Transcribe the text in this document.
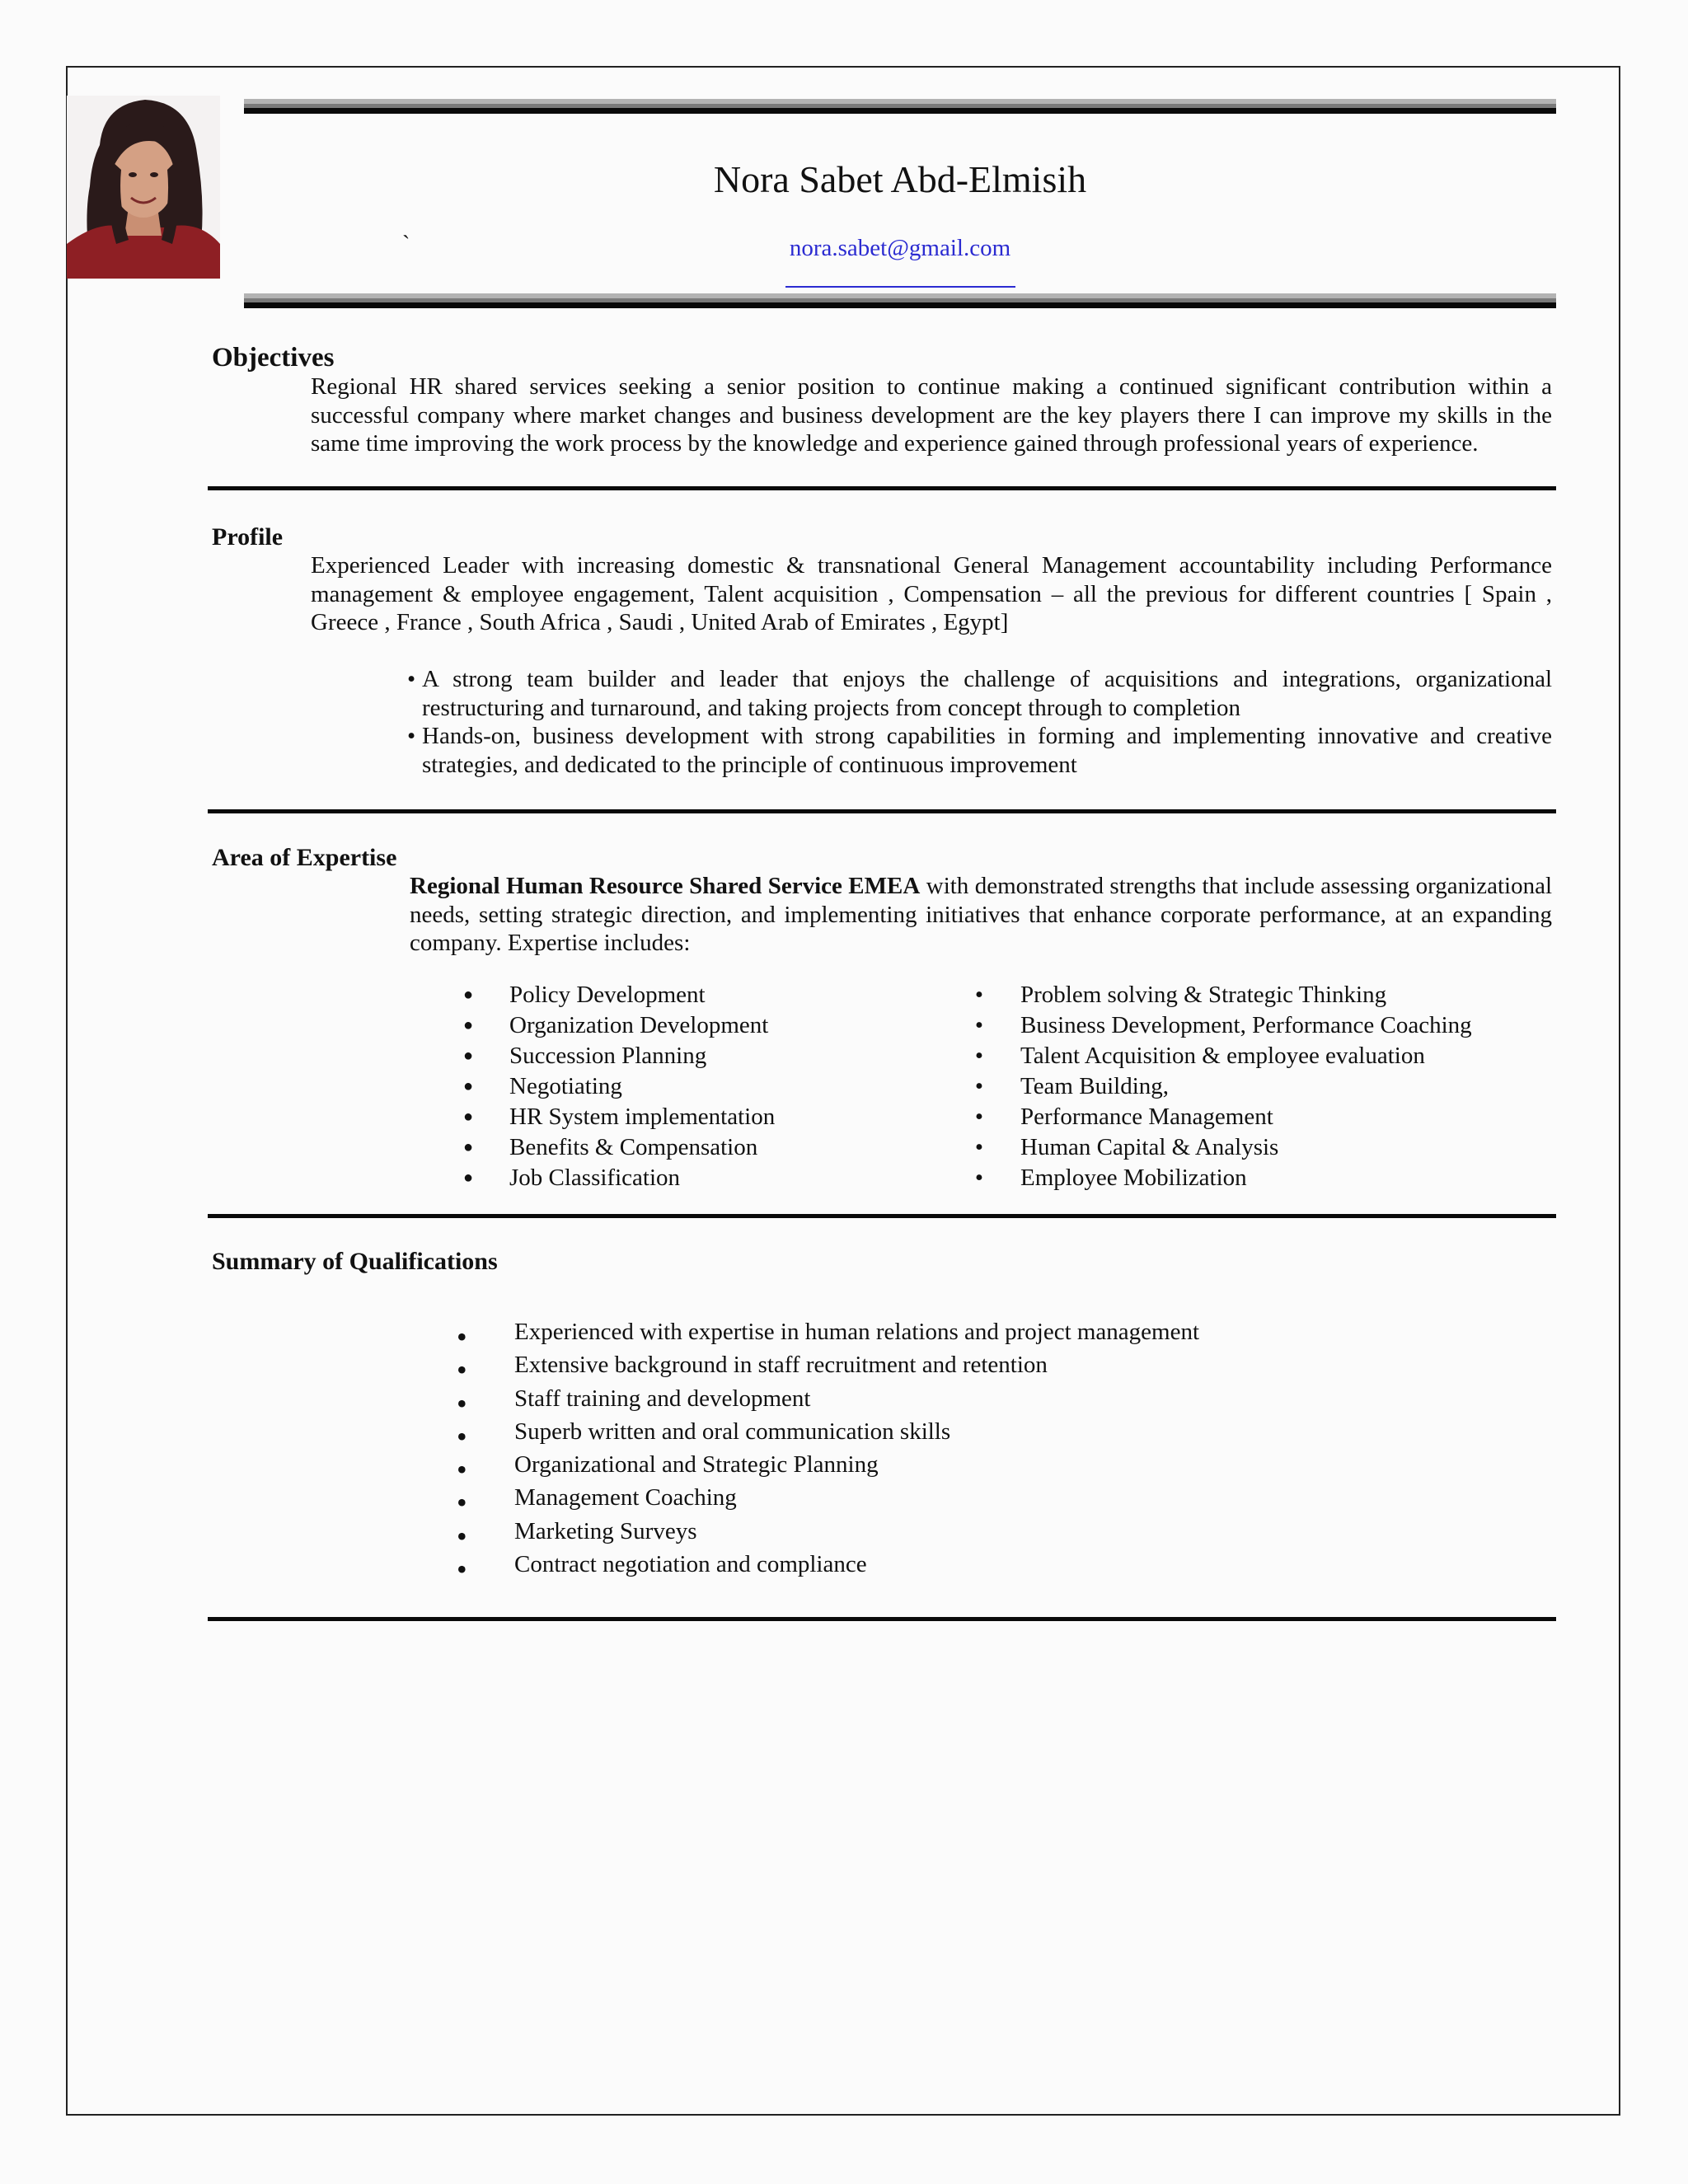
Nora Sabet Abd-Elmisih
`	nora.sabet@gmail.com
Objectives
Regional HR shared services seeking a senior position to continue making a continued significant contribution within a successful company where market changes and business development are the key players there I can improve my skills in the same time improving the work process by the knowledge and experience gained through professional years of experience.
Profile
Experienced Leader with increasing domestic & transnational General Management accountability including Performance management & employee engagement, Talent acquisition , Compensation – all the previous for different countries [ Spain , Greece , France , South Africa , Saudi , United Arab of Emirates , Egypt]
• A strong team builder and leader that enjoys the challenge of acquisitions and integrations, organizational restructuring and turnaround, and taking projects from concept through to completion
• Hands-on, business development with strong capabilities in forming and implementing innovative and creative strategies, and dedicated to the principle of continuous improvement
Area of Expertise
Regional Human Resource Shared Service EMEA with demonstrated strengths that include assessing organizational needs, setting strategic direction, and implementing initiatives that enhance corporate performance, at an expanding company. Expertise includes:
● Policy Development
● Organization Development
● Succession Planning
● Negotiating
● HR System implementation
● Benefits & Compensation
● Job Classification
• Problem solving & Strategic Thinking
• Business Development, Performance Coaching
• Talent Acquisition & employee evaluation
• Team Building,
• Performance Management
• Human Capital & Analysis
• Employee Mobilization
Summary of Qualifications
• Experienced with expertise in human relations and project management
• Extensive background in staff recruitment and retention
• Staff training and development
• Superb written and oral communication skills
• Organizational and Strategic Planning
• Management Coaching
• Marketing Surveys
• Contract negotiation and compliance
